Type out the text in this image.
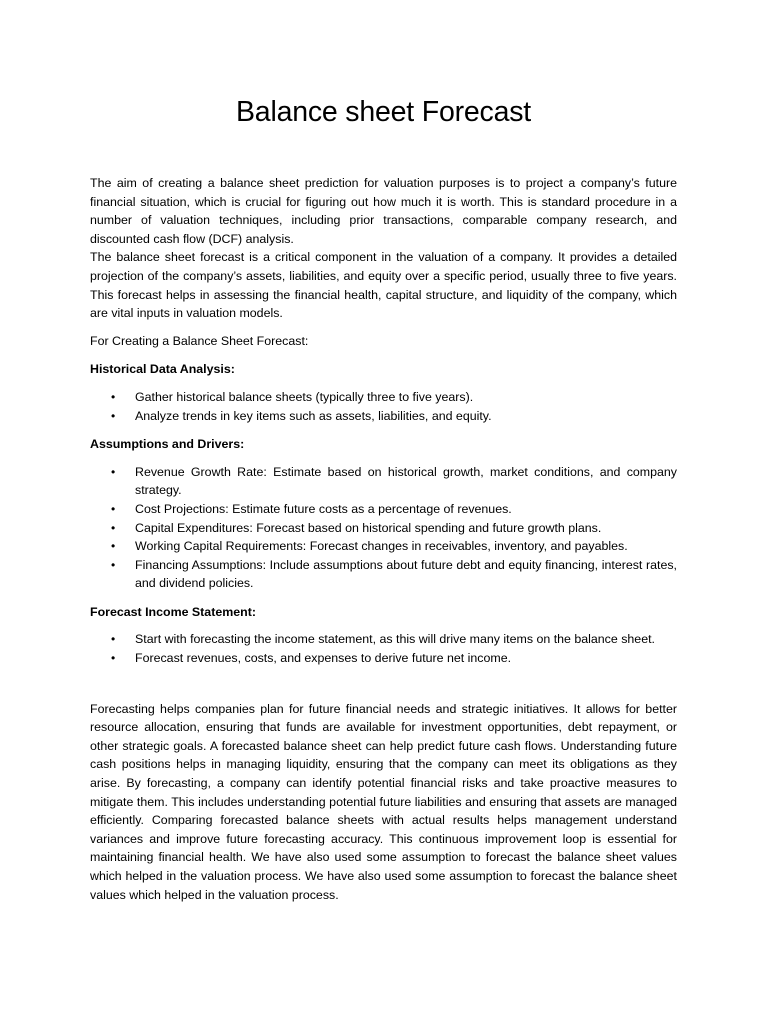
Balance sheet Forecast

The aim of creating a balance sheet prediction for valuation purposes is to project a company’s future financial situation, which is crucial for figuring out how much it is worth. This is standard procedure in a number of valuation techniques, including prior transactions, comparable company research, and discounted cash flow (DCF) analysis.

The balance sheet forecast is a critical component in the valuation of a company. It provides a detailed projection of the company’s assets, liabilities, and equity over a specific period, usually three to five years. This forecast helps in assessing the financial health, capital structure, and liquidity of the company, which are vital inputs in valuation models.

For Creating a Balance Sheet Forecast:

Historical Data Analysis:

• Gather historical balance sheets (typically three to five years).
• Analyze trends in key items such as assets, liabilities, and equity.

Assumptions and Drivers:

• Revenue Growth Rate: Estimate based on historical growth, market conditions, and company strategy.
• Cost Projections: Estimate future costs as a percentage of revenues.
• Capital Expenditures: Forecast based on historical spending and future growth plans.
• Working Capital Requirements: Forecast changes in receivables, inventory, and payables.
• Financing Assumptions: Include assumptions about future debt and equity financing, interest rates, and dividend policies.

Forecast Income Statement:

• Start with forecasting the income statement, as this will drive many items on the balance sheet.
• Forecast revenues, costs, and expenses to derive future net income.

Forecasting helps companies plan for future financial needs and strategic initiatives. It allows for better resource allocation, ensuring that funds are available for investment opportunities, debt repayment, or other strategic goals. A forecasted balance sheet can help predict future cash flows. Understanding future cash positions helps in managing liquidity, ensuring that the company can meet its obligations as they arise. By forecasting, a company can identify potential financial risks and take proactive measures to mitigate them. This includes understanding potential future liabilities and ensuring that assets are managed efficiently. Comparing forecasted balance sheets with actual results helps management understand variances and improve future forecasting accuracy. This continuous improvement loop is essential for maintaining financial health. We have also used some assumption to forecast the balance sheet values which helped in the valuation process. We have also used some assumption to forecast the balance sheet values which helped in the valuation process.
